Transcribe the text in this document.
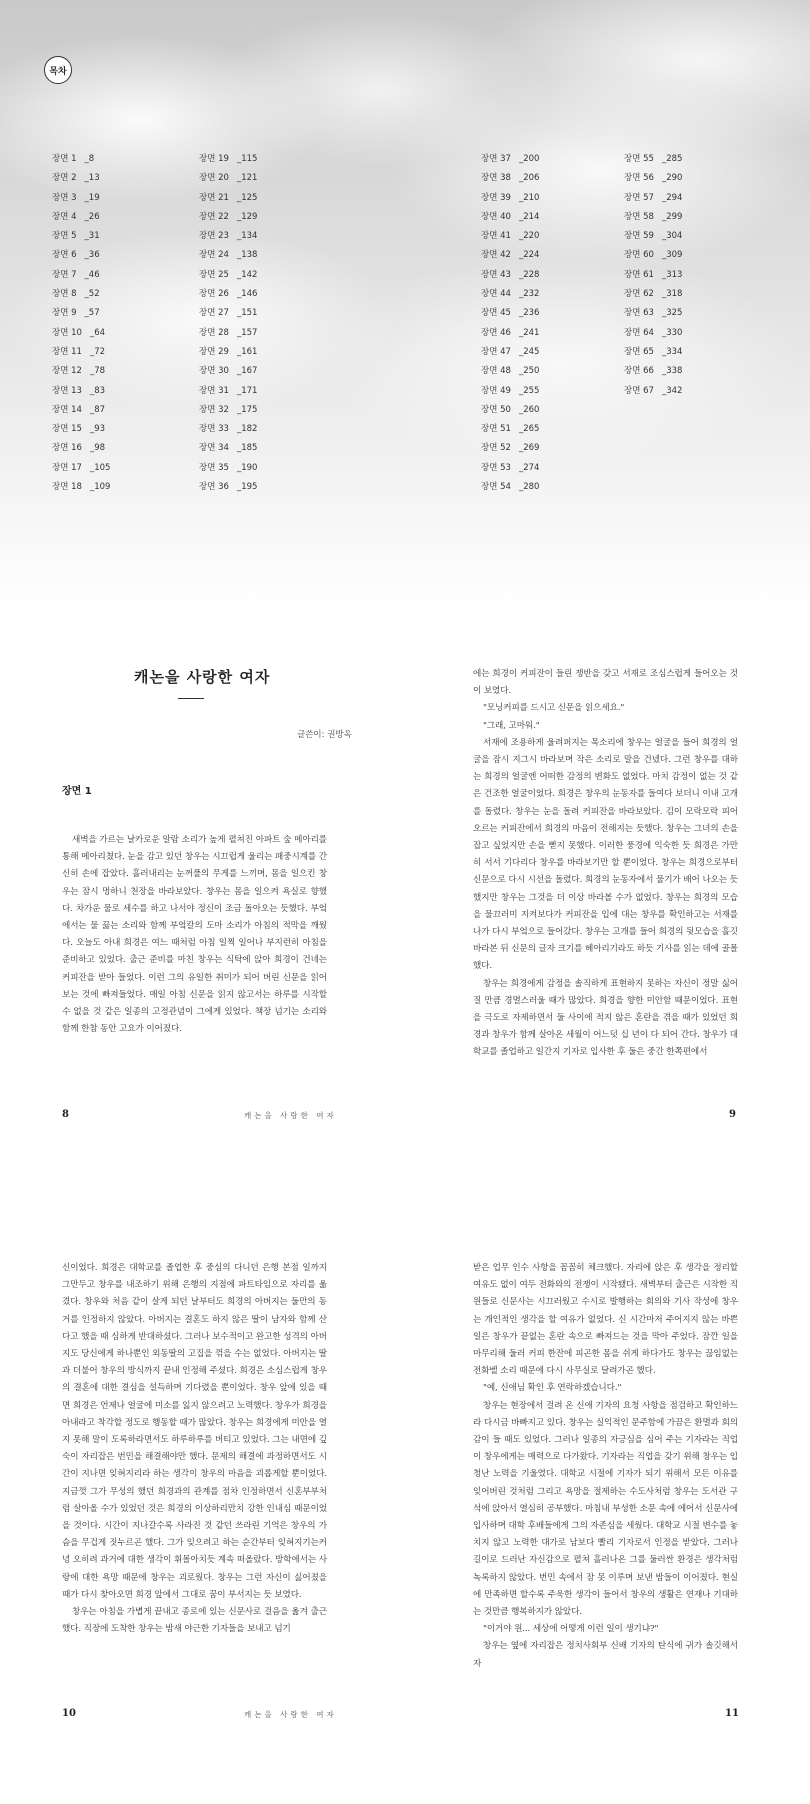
목차
장면 1 _8
장면 2 _13
장면 3 _19
장면 4 _26
장면 5 _31
장면 6 _36
장면 7 _46
장면 8 _52
장면 9 _57
장면 10 _64
장면 11 _72
장면 12 _78
장면 13 _83
장면 14 _87
장면 15 _93
장면 16 _98
장면 17 _105
장면 18 _109
장면 19 _115
장면 20 _121
장면 21 _125
장면 22 _129
장면 23 _134
장면 24 _138
장면 25 _142
장면 26 _146
장면 27 _151
장면 28 _157
장면 29 _161
장면 30 _167
장면 31 _171
장면 32 _175
장면 33 _182
장면 34 _185
장면 35 _190
장면 36 _195
장면 37 _200
장면 38 _206
장면 39 _210
장면 40 _214
장면 41 _220
장면 42 _224
장면 43 _228
장면 44 _232
장면 45 _236
장면 46 _241
장면 47 _245
장면 48 _250
장면 49 _255
장면 50 _260
장면 51 _265
장면 52 _269
장면 53 _274
장면 54 _280
장면 55 _285
장면 56 _290
장면 57 _294
장면 58 _299
장면 59 _304
장면 60 _309
장면 61 _313
장면 62 _318
장면 63 _325
장면 64 _330
장면 65 _334
장면 66 _338
장면 67 _342
캐논을 사랑한 여자
글쓴이: 권방옥
장면 1

새벽을 가르는 날카로운 알람 소리가 높게 펼쳐진 아파트 숲 메아리를 통해 메아리쳤다. 눈을 감고 있던 창우는 시끄럽게 울리는 패중시계를 간신히 손에 잡았다. 흘러내리는 눈꺼풀의 무게를 느끼며, 몸을 일으킨 창우는 잠시 멍하니 천장을 바라보았다. 창우는 몸을 일으켜 욕실로 향했다. 차가운 물로 세수를 하고 나서야 정신이 조금 돌아오는 듯했다. 부엌에서는 물 끓는 소리와 함께 부엌칼의 도마 소리가 아침의 적막을 깨웠다. 오늘도 아내 희경은 여느 때처럼 아침 일찍 일어나 부지런히 아침을 준비하고 있었다. 출근 준비를 마친 창우는 식탁에 앉아 희경이 건네는 커피잔을 받아 들었다. 이런 그의 유일한 취미가 되어 버린 신문을 읽어 보는 것에 빠져들었다. 매일 아침 신문을 읽지 않고서는 하루를 시작할 수 없을 것 같은 일종의 고정관념이 그에게 있었다. 책장 넘기는 소리와 함께 한참 동안 고요가 이어졌다.

8	캐논을 사랑한 여자

에는 희경이 커피잔이 들린 쟁반을 갖고 서재로 조심스럽게 들어오는 것이 보였다.

"모닝커피를 드시고 신문을 읽으세요."

"그래, 고마워."

서재에 조용하게 울려퍼지는 목소리에 창우는 얼굴을 들어 희경의 얼굴을 잠시 지그시 바라보며 작은 소리로 말을 건넸다. 그런 창우를 대하는 희경의 얼굴엔 어떠한 감정의 변화도 없었다. 마치 감정이 없는 것 같은 건조한 얼굴이었다. 희경은 창우의 눈동자를 들여다 보더니 이내 고개를 돌렸다. 창우는 눈을 돌려 커피잔을 바라보았다. 김이 모락모락 피어오르는 커피잔에서 희경의 마음이 전해지는 듯했다. 창우는 그녀의 손을 잡고 싶었지만 손을 뻗지 못했다. 이러한 풍경에 익숙한 듯 희경은 가만히 서서 기다리다 창우를 바라보기만 할 뿐이었다. 창우는 희경으로부터 신문으로 다시 시선을 돌렸다. 희경의 눈동자에서 물기가 배어 나오는 듯 했지만 창우는 그것을 더 이상 바라볼 수가 없었다. 창우는 희경의 모습을 물끄러미 지켜보다가 커피잔을 입에 대는 창우를 확인하고는 서재를 나가 다시 부엌으로 들어갔다. 창우는 고개를 들어 희경의 뒷모습을 흘깃 바라본 뒤 신문의 글자 크기를 헤아리기라도 하듯 기사를 읽는 데에 골몰했다.

창우는 희경에게 감정을 솔직하게 표현하지 못하는 자신이 정말 싫어질 만큼 경멸스러울 때가 많았다. 희경을 향한 미안함 때문이었다. 표현을 극도로 자제하면서 둘 사이에 적지 않은 혼란을 겪을 때가 있었던 희경과 창우가 함께 살아온 세월이 어느덧 십 년이 다 되어 간다. 창우가 대학교를 졸업하고 일간지 기자로 입사한 후 둘은 중간 한쪽편에서

9

신이었다. 희경은 대학교를 졸업한 후 중심의 다니던 은행 본점 일까지 그만두고 창우를 내조하기 위해 은행의 지점에 파트타임으로 자리를 옮겼다. 창우와 처음 같이 살게 되던 날부터도 희경의 아버지는 둘만의 동거를 인정하지 않았다. 아버지는 결혼도 하지 않은 딸이 남자와 함께 산다고 했을 때 심하게 반대하셨다. 그러나 보수적이고 완고한 성격의 아버지도 당신에게 하나뿐인 외동딸의 고집을 꺾을 수는 없었다. 아버지는 딸과 더불어 창우의 방식까지 끝내 인정해 주셨다. 희경은 소심스럽게 창우의 결혼에 대한 결심을 설득하며 기다렸을 뿐이었다. 창우 앞에 있을 때면 희경은 언제나 얼굴에 미소를 잃지 않으려고 노력했다. 창우가 희경을 아내라고 착각할 정도로 행동할 때가 많았다. 창우는 희경에게 미안을 열지 못해 말이 도록하라면서도 하루하루를 버티고 있었다. 그는 내면에 깊숙이 자리잡은 번민을 해결해야만 했다. 문제의 해결에 과정하면서도 시간이 지나면 잊혀지리라 하는 생각이 창우의 마음을 괴롭게할 뿐이었다. 지금껏 그가 무성의 했던 희경과의 관계를 점차 인정하면서 신혼부부처럼 살아올 수가 있었던 것은 희경의 이상하리만치 강한 인내심 때문이었을 것이다. 시간이 지나갈수록 사라진 것 같던 쓰라린 기억은 창우의 가슴을 무겁게 짓누르곤 했다. 그가 잊으려고 하는 순간부터 잊혀지기는커녕 오히려 과거에 대한 생각이 휘몰아치듯 계속 떠올랐다. 방학에서는 사랑에 대한 욕망 때문에 창우는 괴로웠다. 창우는 그런 자신이 싫어졌을 때가 다시 찾아오면 희경 앞에서 그대로 꿈이 부서지는 듯 보였다.

창우는 아침을 가볍게 끝내고 종로에 있는 신문사로 걸음을 옮겨 출근했다. 직장에 도착한 창우는 밤새 야근한 기자들을 보내고 넘기

10	캐논을 사랑한 여자

받은 업무 인수 사항을 꼼꼼히 체크했다. 자리에 앉은 후 생각을 정리할 여유도 없이 여두 전화와의 전쟁이 시작됐다. 새벽부터 출근은 시작한 직원들로 신문사는 시끄러웠고 수시로 발행하는 회의와 기사 작성에 창우는 개인적인 생각을 할 여유가 없었다. 신 시간마저 주어지지 않는 바쁜 일은 창우가 끝없는 혼란 속으로 빠져드는 것을 막아 주었다. 잠깐 일을 마무리해 둘러 커피 한잔에 피곤한 몸을 쉬게 하다가도 창우는 끊임없는 전화벨 소리 때문에 다시 사무실로 달려가곤 했다.

"예, 신애님 확인 후 연락하겠습니다."

창우는 현장에서 걸려 온 신애 기자의 요청 사항을 점검하고 확인하느라 다시금 바빠지고 있다. 창우는 실익적인 문주함에 가끔은 환멸과 회의감이 들 때도 있었다. 그러나 일종의 자긍심을 심어 주는 기자라는 직업이 창우에게는 매력으로 다가왔다. 기자라는 직업을 갖기 위해 창우는 입청난 노력을 기울였다. 대학교 시절에 기자가 되기 위해서 모든 이유를 잊어버린 것처럼 그리고 욕망을 절제하는 수도사처럼 창우는 도서관 구석에 앉아서 열심히 공부했다. 마침내 부성한 소문 속에 에어서 신문사에 입사하며 대학 후배들에게 그의 자존심을 세웠다. 대학교 시절 변수를 놓치지 않고 노력한 대가로 남보다 빨리 기자로서 인정을 받았다. 그러나 길이로 드러난 자신감으로 펼쳐 흘러나온 그를 둘러싼 환경은 생각처럼 녹록하지 않았다. 번민 속에서 잠 못 이루며 보낸 밤들이 이어졌다. 현실에 만족하면 할수록 주욱한 생각이 들어서 창우의 생활은 연재나 기대하는 것만큼 행복하지가 않았다.

"이거야 원... 세상에 어떻게 이런 일이 생기냐?"

창우는 옆에 자리잡은 정치사회부 신배 기자의 탄식에 귀가 솔깃해서 자

11
